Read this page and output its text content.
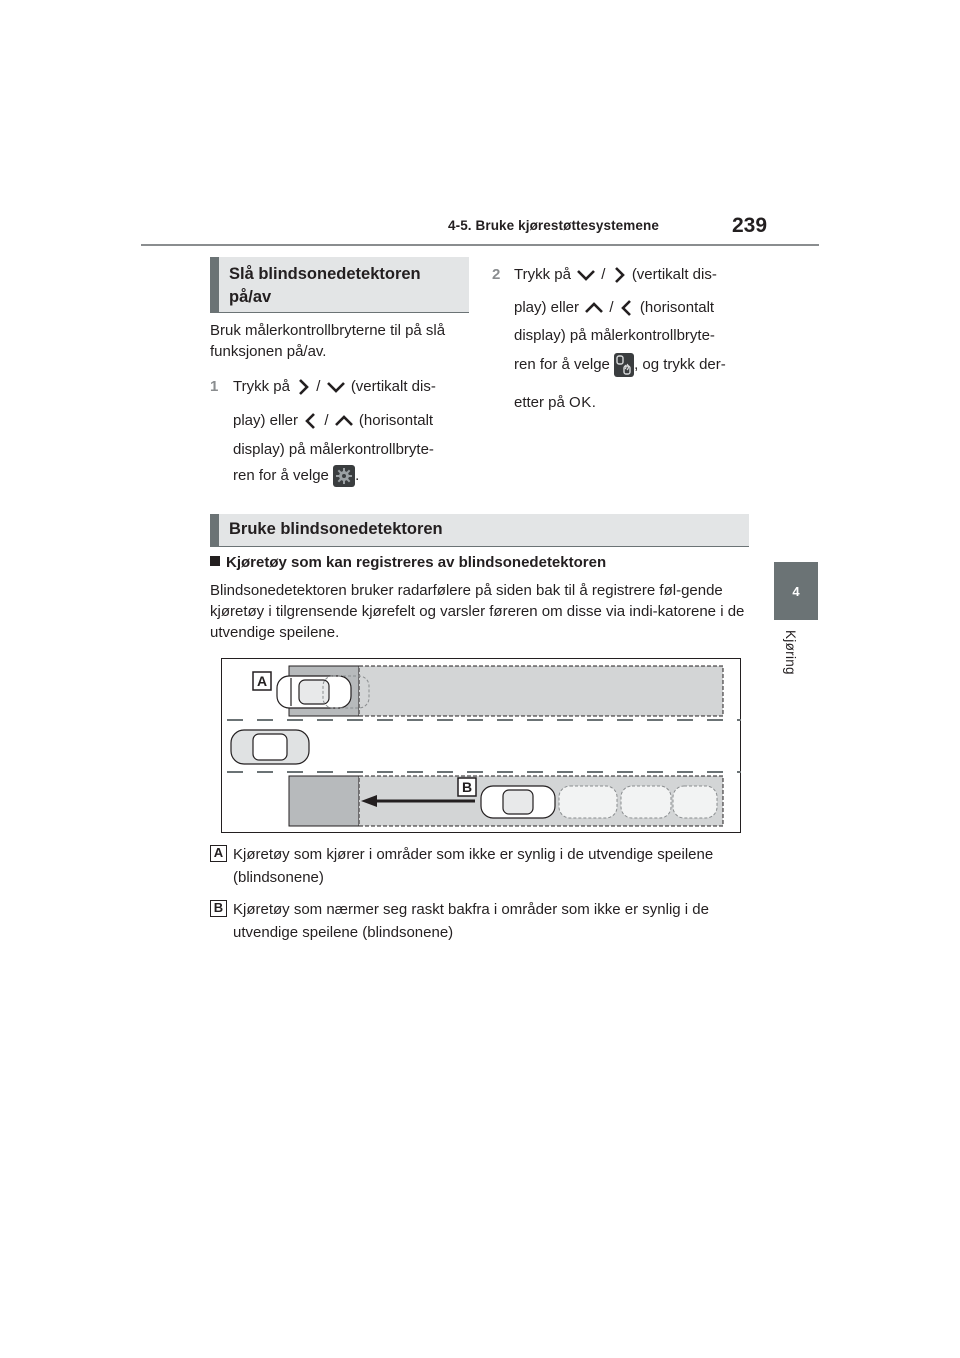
4-5. Bruke kjørestøttesystemene	239
4
Kjøring
Slå blindsonedetektoren på/av
Bruk målerkontrollbryterne til på slå funksjonen på/av.
1 Trykk på / (vertikalt dis-
play) eller / (horisontalt
display) på målerkontrollbryte-
ren for å velge .
2 Trykk på / (vertikalt dis-
play) eller / (horisontalt
display) på målerkontrollbryte-
ren for å velge , og trykk der-
etter på OK.
Bruke blindsonedetektoren
Kjøretøy som kan registreres av blindsonedetektoren
Blindsonedetektoren bruker radarfølere på siden bak til å registrere føl-gende kjøretøy i tilgrensende kjørefelt og varsler føreren om disse via indi-katorene i de utvendige speilene.
A
B
A Kjøretøy som kjører i områder som ikke er synlig i de utvendige speilene (blindsonene)
B Kjøretøy som nærmer seg raskt bakfra i områder som ikke er synlig i de utvendige speilene (blindsonene)
